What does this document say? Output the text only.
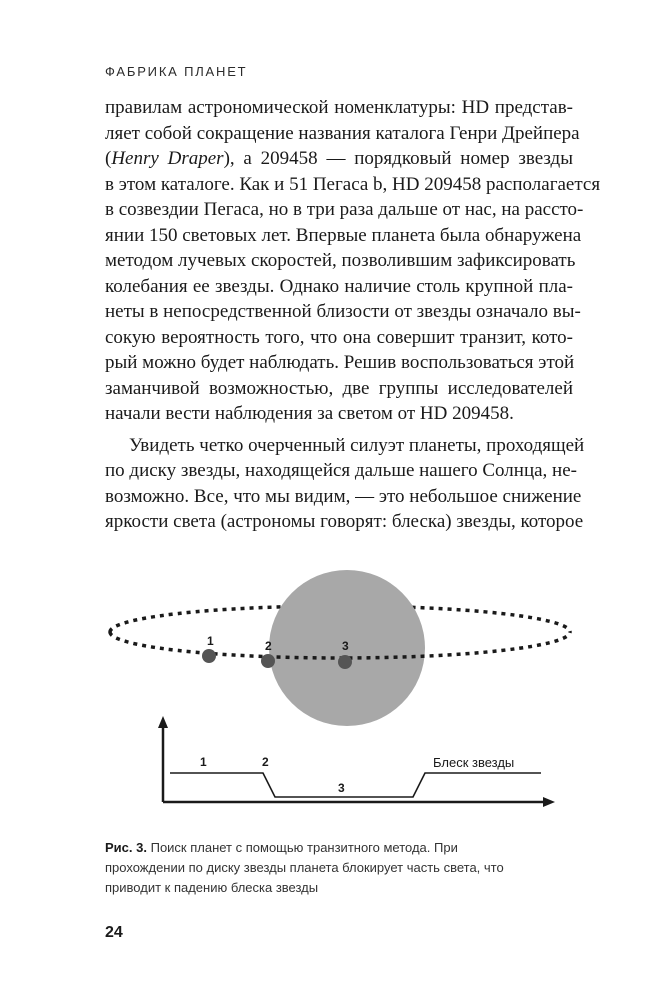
ФАБРИКА ПЛАНЕТ
правилам астрономической номенклатуры: HD представ-
ляет собой сокращение названия каталога Генри Дрейпера
(Henry Draper), а 209458 — порядковый номер звезды
в этом каталоге. Как и 51 Пегаса b, HD 209458 располагается
в созвездии Пегаса, но в три раза дальше от нас, на рассто-
янии 150 световых лет. Впервые планета была обнаружена
методом лучевых скоростей, позволившим зафиксировать
колебания ее звезды. Однако наличие столь крупной пла-
неты в непосредственной близости от звезды означало вы-
сокую вероятность того, что она совершит транзит, кото-
рый можно будет наблюдать. Решив воспользоваться этой
заманчивой возможностью, две группы исследователей
начали вести наблюдения за светом от HD 209458.
Увидеть четко очерченный силуэт планеты, проходящей
по диску звезды, находящейся дальше нашего Солнца, не-
возможно. Все, что мы видим, — это небольшое снижение
яркости света (астрономы говорят: блеска) звезды, которое
1	2	3
1	2
3
Блеск звезды
Рис. 3. Поиск планет с помощью транзитного метода. При
прохождении по диску звезды планета блокирует часть света, что
приводит к падению блеска звезды
24
